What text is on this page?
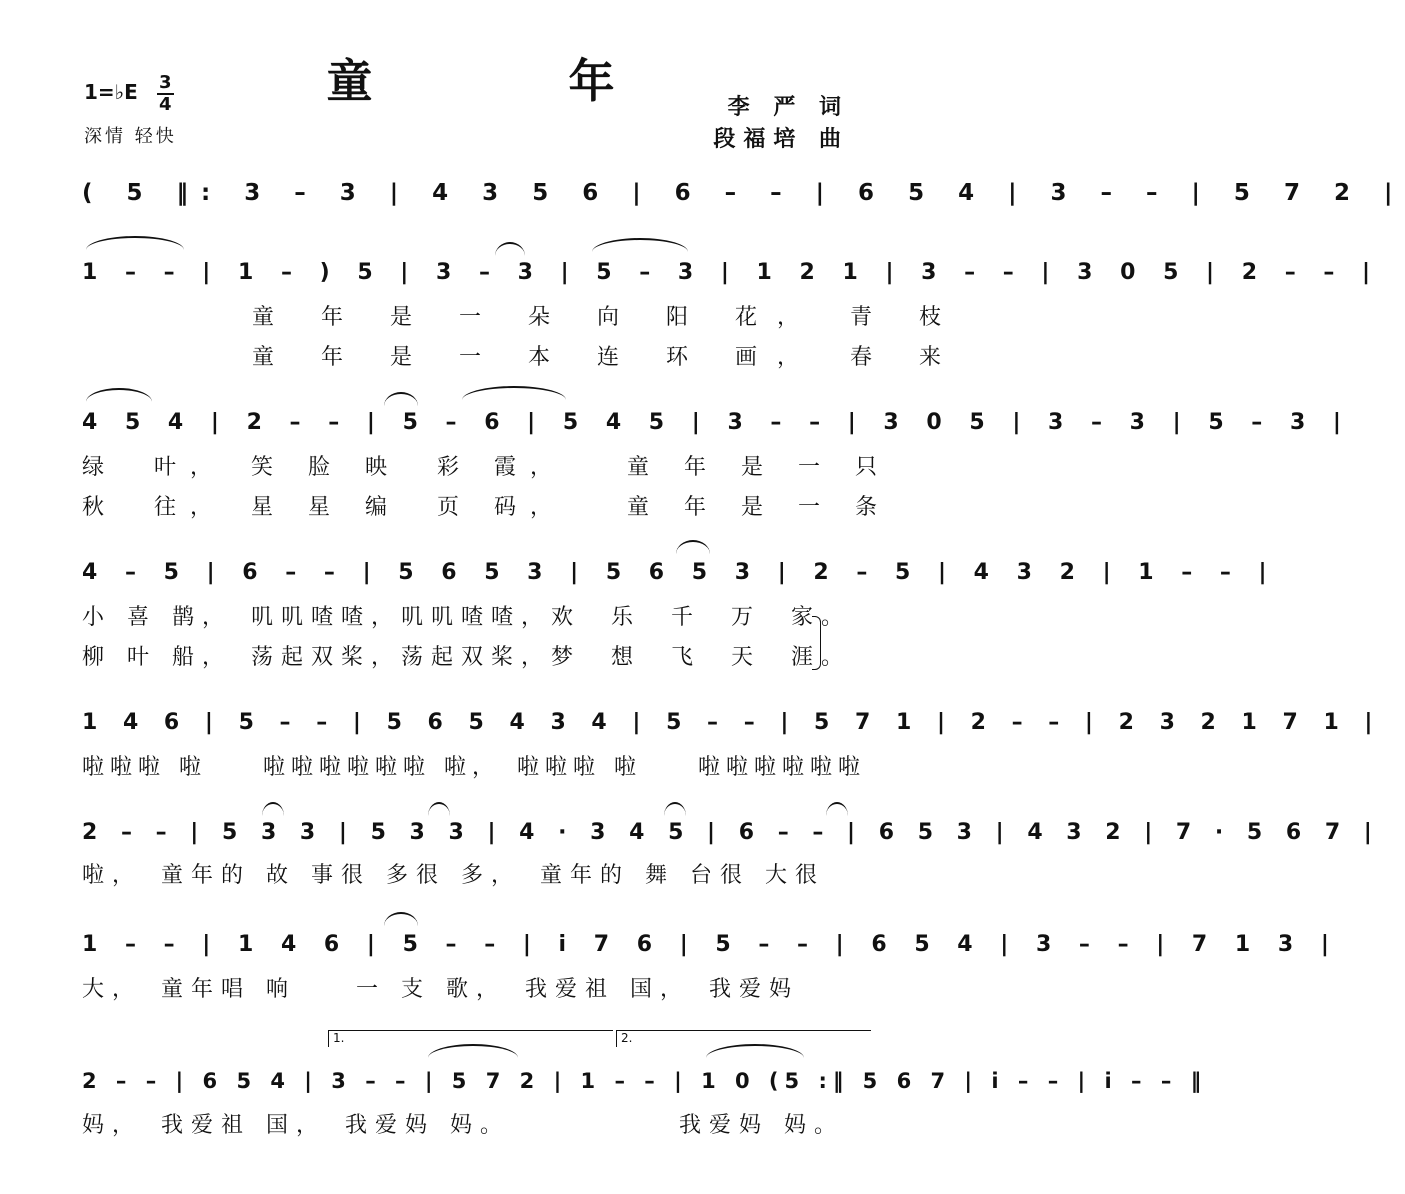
童 年
1=♭E 3
4
深情 轻快
李 严 词
段福培 曲
( 5 ‖: 3 – 3 | 4 3 5 6 | 6 – – | 6 5 4 | 3 – – | 5 7 2 |
1 – – | 1 – ) 5 | 3 – 3 | 5 – 3 | 1 2 1 | 3 – – | 3 0 5 | 2 – – |
童 年 是 一 朵 向 阳 花，　青 枝
童 年 是 一 本 连 环 画，　春 来
4 5 4 | 2 – – | 5 – 6 | 5 4 5 | 3 – – | 3 0 5 | 3 – 3 | 5 – 3 |
绿　叶，　笑 脸 映　彩 霞，　　童 年 是 一 只
秋　往，　星 星 编　页 码，　　童 年 是 一 条
4 – 5 | 6 – – | 5 6 5 3 | 5 6 5 3 | 2 – 5 | 4 3 2 | 1 – – |
小 喜 鹊，　叽叽喳喳，叽叽喳喳，欢　乐　千　万　家。
柳 叶 船，　荡起双桨，荡起双桨，梦　想　飞　天　涯。
1 4 6 | 5 – – | 5 6 5 4 3 4 | 5 – – | 5 7 1 | 2 – – | 2 3 2 1 7 1 |
啦啦啦 啦　　啦啦啦啦啦啦 啦，　啦啦啦 啦　　啦啦啦啦啦啦
2 – – | 5 3 3 | 5 3 3 | 4 · 3 4 5 | 6 – – | 6 5 3 | 4 3 2 | 7 · 5 6 7 |
啦，　童年的 故 事很 多很 多，　童年的 舞 台很 大很
1 – – | 1 4 6 | 5 – – | i 7 6 | 5 – – | 6 5 4 | 3 – – | 7 1 3 |
大，　童年唱 响　　一 支 歌，　我爱祖 国，　我爱妈
1.	2.
2 – – | 6 5 4 | 3 – – | 5 7 2 | 1 – – | 1 0 (5 :‖ 5 6 7 | i – – | i – – ‖
妈，　我爱祖 国，　我爱妈 妈。　　　　　　我爱妈 妈。
